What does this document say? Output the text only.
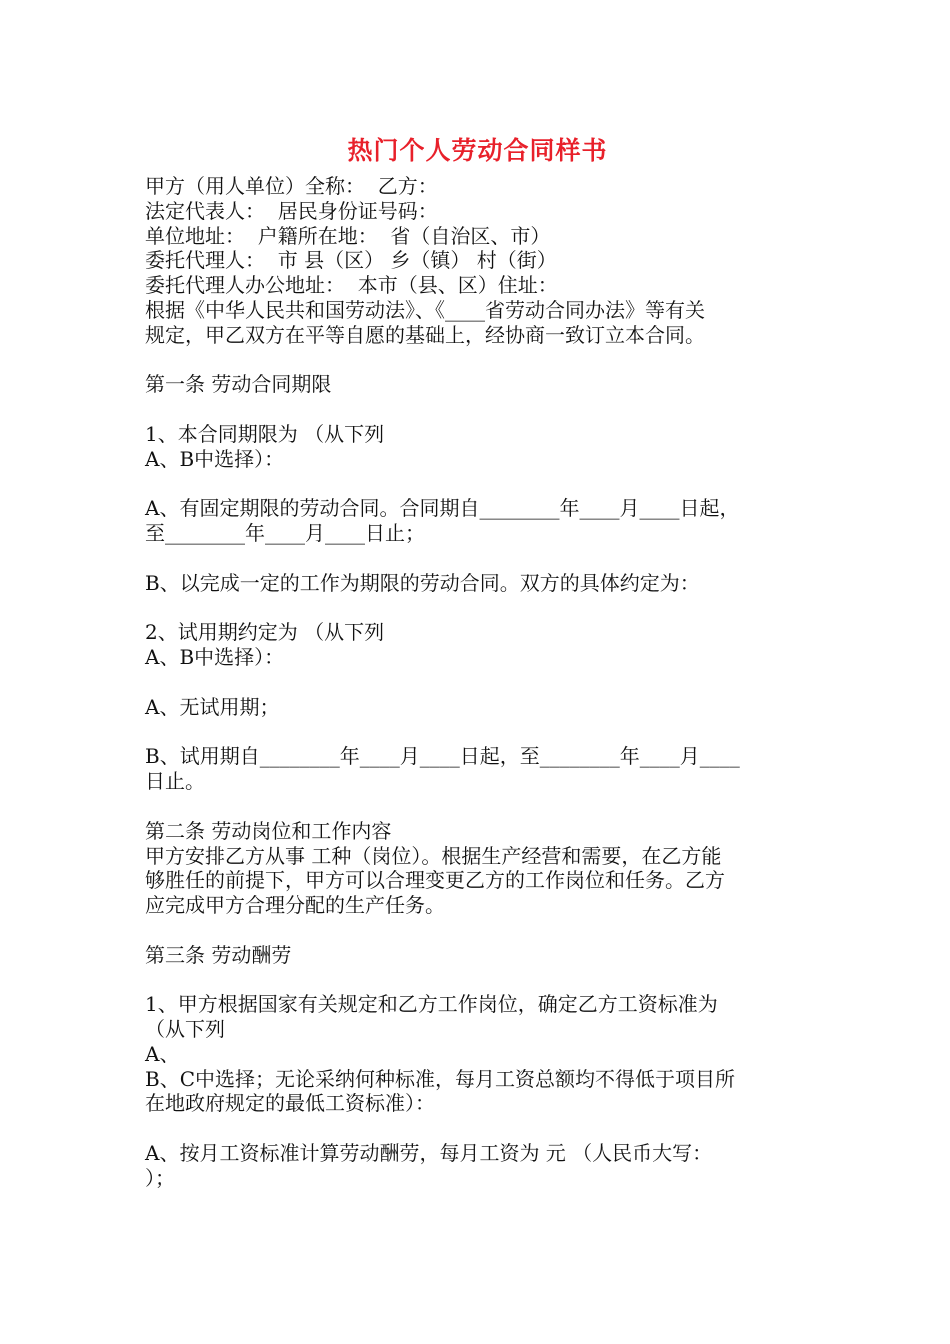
热门个人劳动合同样书
甲方（用人单位）全称：  乙方：
法定代表人：  居民身份证号码：
单位地址：  户籍所在地：  省（自治区、市）
委托代理人：  市 县（区） 乡（镇） 村（街）
委托代理人办公地址：  本市（县、区）住址：
根据《中华人民共和国劳动法》、《____省劳动合同办法》等有关
规定，甲乙双方在平等自愿的基础上，经协商一致订立本合同。
第一条 劳动合同期限
1、本合同期限为 （从下列
A、B中选择）：
A、有固定期限的劳动合同。合同期自________年____月____日起，
至________年____月____日止；
B、以完成一定的工作为期限的劳动合同。双方的具体约定为：
2、试用期约定为 （从下列
A、B中选择）：
A、无试用期；
B、试用期自________年____月____日起，至________年____月____
日止。
第二条 劳动岗位和工作内容
甲方安排乙方从事 工种（岗位）。根据生产经营和需要，在乙方能
够胜任的前提下，甲方可以合理变更乙方的工作岗位和任务。乙方
应完成甲方合理分配的生产任务。
第三条 劳动酬劳
1、甲方根据国家有关规定和乙方工作岗位，确定乙方工资标准为
（从下列
A、
B、C中选择；无论采纳何种标准，每月工资总额均不得低于项目所
在地政府规定的最低工资标准）：
A、按月工资标准计算劳动酬劳，每月工资为 元 （人民币大写：
）；
